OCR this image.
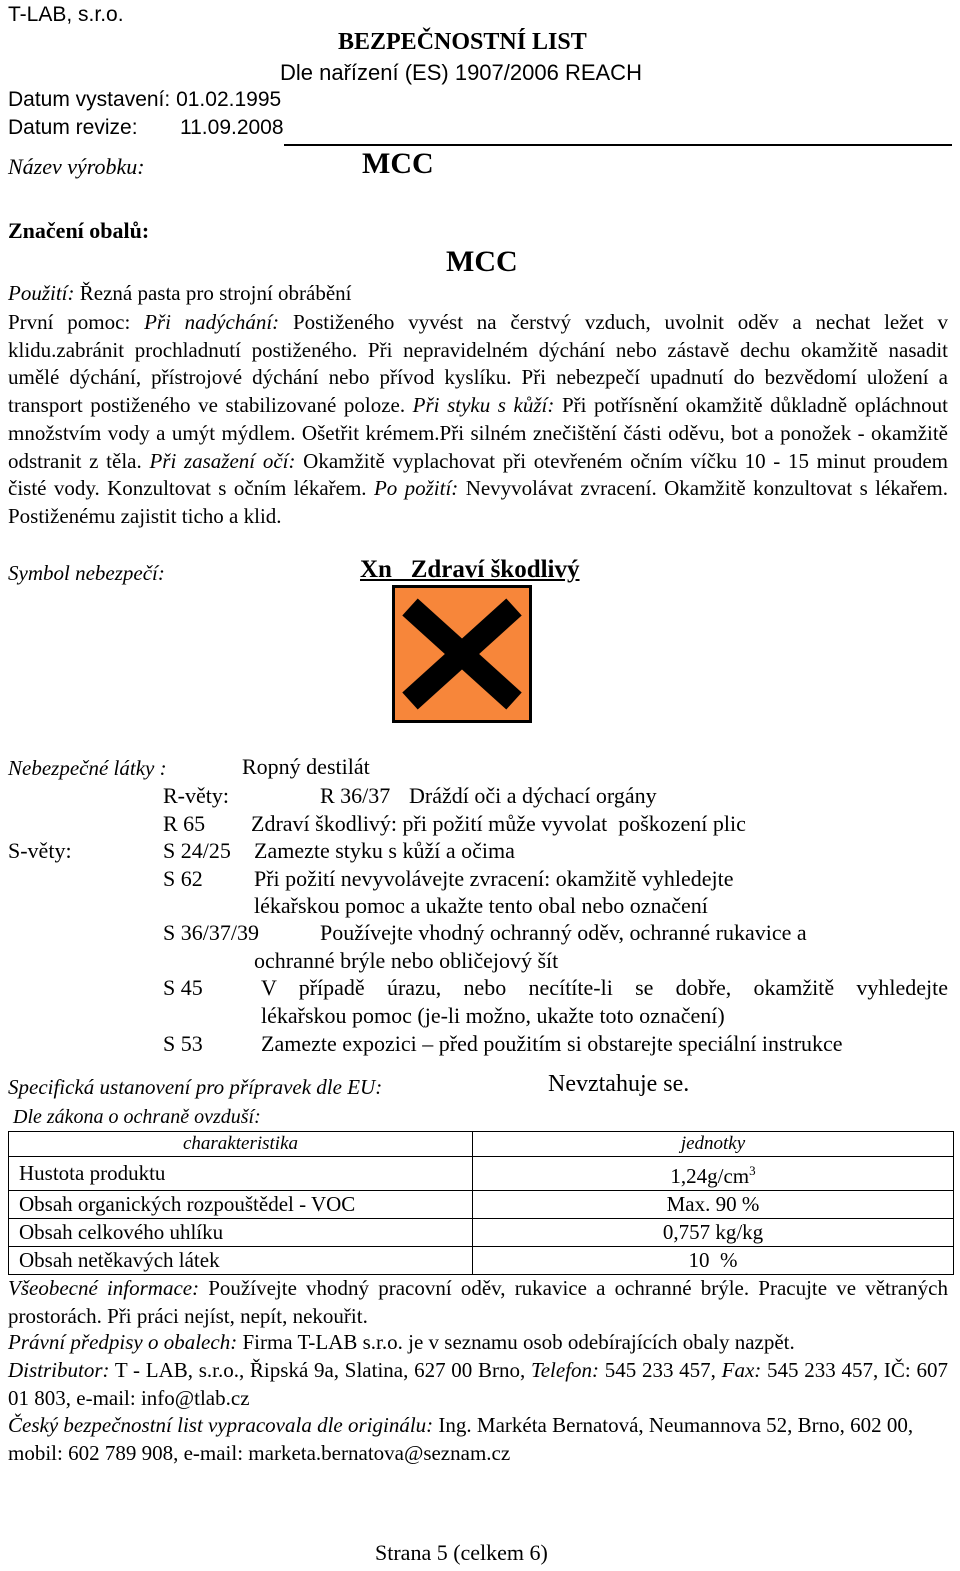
T-LAB, s.r.o.
BEZPEČNOSTNÍ LIST
Dle nařízení (ES) 1907/2006 REACH
Datum vystavení: 01.02.1995
Datum revize: 11.09.2008
Název výrobku:	MCC
Značení obalů:
MCC
Použití: Řezná pasta pro strojní obrábění
První pomoc: Při nadýchání: Postiženého vyvést na čerstvý vzduch, uvolnit oděv a nechat ležet v klidu.zabránit prochladnutí postiženého. Při nepravidelném dýchání nebo zástavě dechu okamžitě nasadit umělé dýchání, přístrojové dýchání nebo přívod kyslíku. Při nebezpečí upadnutí do bezvědomí uložení a transport postiženého ve stabilizované poloze. Při styku s kůží: Při potřísnění okamžitě důkladně opláchnout množstvím vody a umýt mýdlem. Ošetřit krémem.Při silném znečištění části oděvu, bot a ponožek - okamžitě odstranit z těla. Při zasažení očí: Okamžitě vyplachovat při otevřeném očním víčku 10 - 15 minut proudem čisté vody. Konzultovat s očním lékařem. Po požití: Nevyvolávat zvracení. Okamžitě konzultovat s lékařem. Postiženému zajistit ticho a klid.
Symbol nebezpečí:	Xn   Zdraví škodlivý
Nebezpečné látky :	Ropný destilát
R-věty:	R 36/37 Dráždí oči a dýchací orgány
R 65 Zdraví škodlivý: při požití může vyvolat  poškození plic
S-věty:	S 24/25 Zamezte styku s kůží a očima
S 62 Při požití nevyvolávejte zvracení: okamžitě vyhledejte
lékařskou pomoc a ukažte tento obal nebo označení
S 36/37/39	Používejte vhodný ochranný oděv, ochranné rukavice a
ochranné brýle nebo obličejový šít
S 45	V případě úrazu, nebo necítíte-li se dobře, okamžitě vyhledejte
lékařskou pomoc (je-li možno, ukažte toto označení)
S 53	Zamezte expozici – před použitím si obstarejte speciální instrukce
Specifická ustanovení pro přípravek dle EU:	Nevztahuje se.
Dle zákona o ochraně ovzduší:
charakteristika	jednotky
Hustota produktu	$1,24g/cm^3$
Obsah organických rozpouštědel - VOC	Max. 90 %
Obsah celkového uhlíku	0,757 kg/kg
Obsah netěkavých látek	10  %
Všeobecné informace: Používejte vhodný pracovní oděv, rukavice a ochranné brýle. Pracujte ve větraných prostorách. Při práci nejíst, nepít, nekouřit.
Právní předpisy o obalech: Firma T-LAB s.r.o. je v seznamu osob odebírajících obaly nazpět.
Distributor: T - LAB, s.r.o., Řipská 9a, Slatina, 627 00 Brno, Telefon: 545 233 457, Fax: 545 233 457, IČ: 607 01 803, e-mail: info@tlab.cz
Český bezpečnostní list vypracovala dle originálu: Ing. Markéta Bernatová, Neumannova 52, Brno, 602 00, mobil: 602 789 908, e-mail: marketa.bernatova@seznam.cz
Strana 5 (celkem 6)
